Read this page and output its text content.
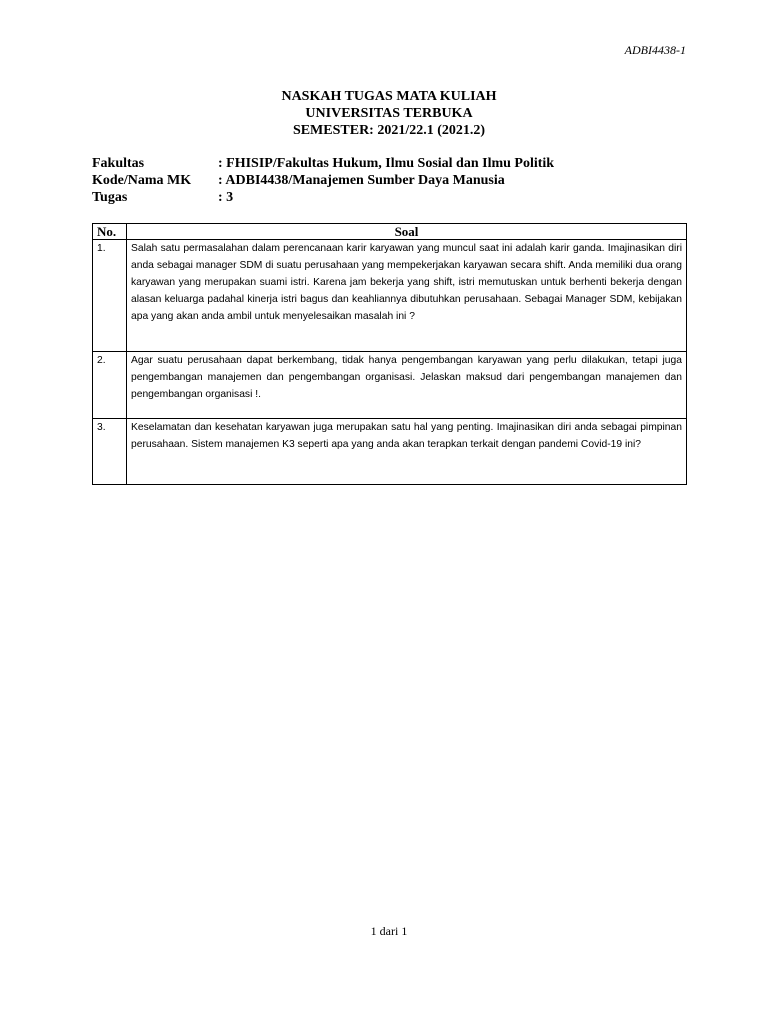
ADBI4438-1
NASKAH TUGAS MATA KULIAH
UNIVERSITAS TERBUKA
SEMESTER: 2021/22.1 (2021.2)
Fakultas	: FHISIP/Fakultas Hukum, Ilmu Sosial dan Ilmu Politik
Kode/Nama MK	: ADBI4438/Manajemen Sumber Daya Manusia
Tugas	: 3
No.	Soal
1.	Salah satu permasalahan dalam perencanaan karir karyawan yang muncul saat ini adalah karir ganda. Imajinasikan diri anda sebagai manager SDM di suatu perusahaan yang mempekerjakan karyawan secara shift. Anda memiliki dua orang karyawan yang merupakan suami istri. Karena jam bekerja yang shift, istri memutuskan untuk berhenti bekerja dengan alasan keluarga padahal kinerja istri bagus dan keahliannya dibutuhkan perusahaan. Sebagai Manager SDM, kebijakan apa yang akan anda ambil untuk menyelesaikan masalah ini ?
2.	Agar suatu perusahaan dapat berkembang, tidak hanya pengembangan karyawan yang perlu dilakukan, tetapi juga pengembangan manajemen dan pengembangan organisasi. Jelaskan maksud dari pengembangan manajemen dan pengembangan organisasi !.
3.	Keselamatan dan kesehatan karyawan juga merupakan satu hal yang penting. Imajinasikan diri anda sebagai pimpinan perusahaan. Sistem manajemen K3 seperti apa yang anda akan terapkan terkait dengan pandemi Covid-19 ini?
1 dari 1
